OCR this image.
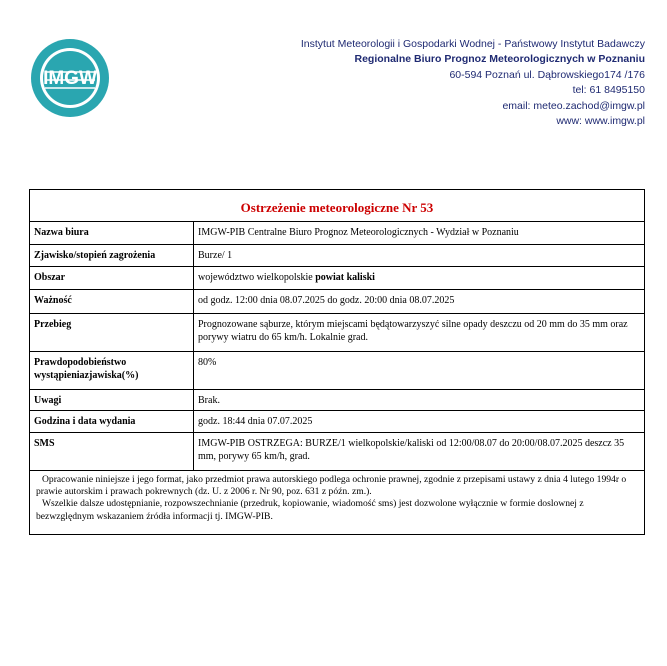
IMGW
Instytut Meteorologii i Gospodarki Wodnej - Państwowy Instytut Badawczy
Regionalne Biuro Prognoz Meteorologicznych w Poznaniu
60-594 Poznań ul. Dąbrowskiego174 /176
tel: 61 8495150
email: meteo.zachod@imgw.pl
www: www.imgw.pl
Ostrzeżenie meteorologiczne Nr 53
Nazwa biura	IMGW-PIB Centralne Biuro Prognoz Meteorologicznych - Wydział w Poznaniu
Zjawisko/stopień zagrożenia	Burze/ 1
Obszar	województwo wielkopolskie powiat kaliski
Ważność	od godz. 12:00 dnia 08.07.2025 do godz. 20:00 dnia 08.07.2025
Przebieg	Prognozowane sąburze, którym miejscami będątowarzyszyć silne opady deszczu od 20 mm do 35 mm oraz porywy wiatru do 65 km/h. Lokalnie grad.
Prawdopodobieństwo wystąpieniazjawiska(%)	80%
Uwagi	Brak.
Godzina i data wydania	godz. 18:44 dnia 07.07.2025
SMS	IMGW-PIB OSTRZEGA: BURZE/1 wielkopolskie/kaliski od 12:00/08.07 do 20:00/08.07.2025 deszcz 35 mm, porywy 65 km/h, grad.

Opracowanie niniejsze i jego format, jako przedmiot prawa autorskiego podlega ochronie prawnej, zgodnie z przepisami ustawy z dnia 4 lutego 1994r o prawie autorskim i prawach pokrewnych (dz. U. z 2006 r. Nr 90, poz. 631 z późn. zm.).

Wszelkie dalsze udostępnianie, rozpowszechnianie (przedruk, kopiowanie, wiadomość sms) jest dozwolone wyłącznie w formie doslownej z bezwzględnym wskazaniem źródła informacji tj. IMGW-PIB.
